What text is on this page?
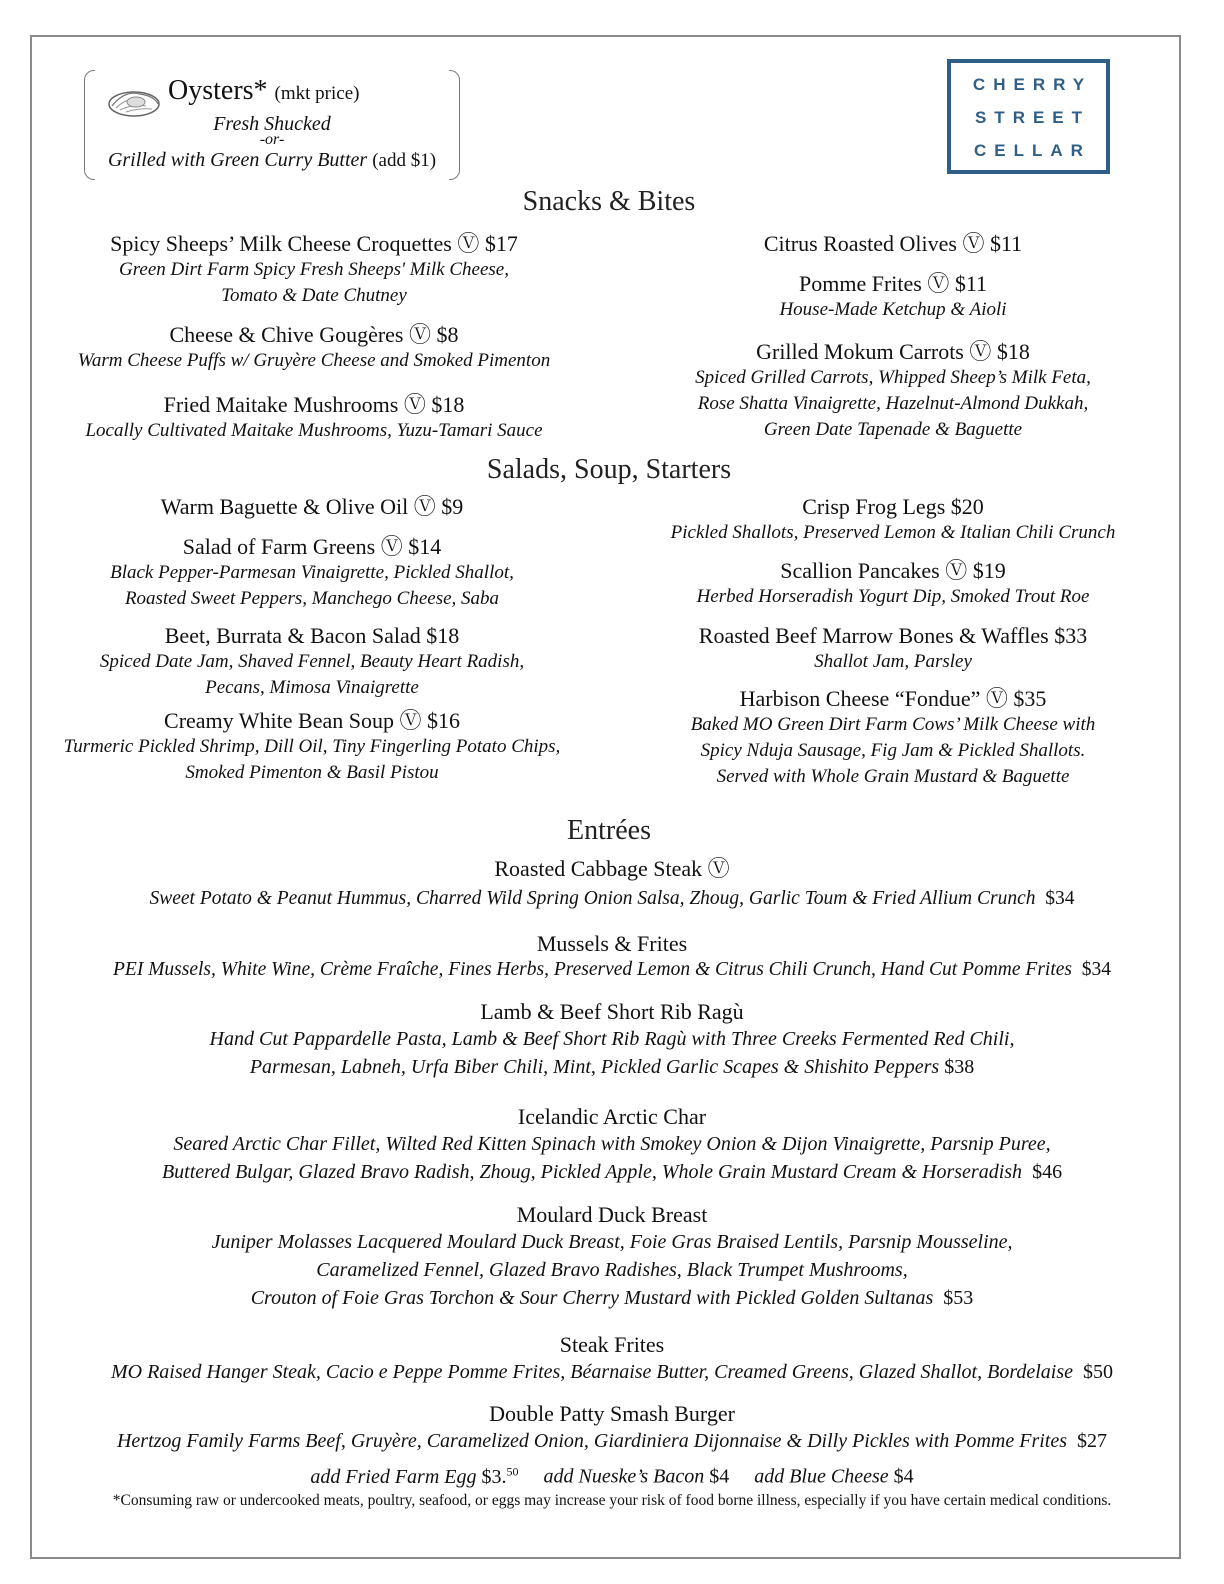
Oysters* (mkt price)
Fresh Shucked
-or-
Grilled with Green Curry Butter (add $1)
CHERRY
STREET
CELLAR
Snacks & Bites
Spicy Sheeps’ Milk Cheese Croquettes Ⓥ $17
Green Dirt Farm Spicy Fresh Sheeps' Milk Cheese,
Tomato & Date Chutney
Cheese & Chive Gougères Ⓥ $8
Warm Cheese Puffs w/ Gruyère Cheese and Smoked Pimenton
Fried Maitake Mushrooms Ⓥ $18
Locally Cultivated Maitake Mushrooms, Yuzu-Tamari Sauce
Citrus Roasted Olives Ⓥ $11
Pomme Frites Ⓥ $11
House-Made Ketchup & Aioli
Grilled Mokum Carrots Ⓥ $18
Spiced Grilled Carrots, Whipped Sheep’s Milk Feta,
Rose Shatta Vinaigrette, Hazelnut-Almond Dukkah,
Green Date Tapenade & Baguette
Salads, Soup, Starters
Warm Baguette & Olive Oil Ⓥ $9
Salad of Farm Greens Ⓥ $14
Black Pepper-Parmesan Vinaigrette, Pickled Shallot,
Roasted Sweet Peppers, Manchego Cheese, Saba
Beet, Burrata & Bacon Salad $18
Spiced Date Jam, Shaved Fennel, Beauty Heart Radish,
Pecans, Mimosa Vinaigrette
Creamy White Bean Soup Ⓥ $16
Turmeric Pickled Shrimp, Dill Oil, Tiny Fingerling Potato Chips,
Smoked Pimenton & Basil Pistou
Crisp Frog Legs $20
Pickled Shallots, Preserved Lemon & Italian Chili Crunch
Scallion Pancakes Ⓥ $19
Herbed Horseradish Yogurt Dip, Smoked Trout Roe
Roasted Beef Marrow Bones & Waffles $33
Shallot Jam, Parsley
Harbison Cheese “Fondue” Ⓥ $35
Baked MO Green Dirt Farm Cows’ Milk Cheese with
Spicy Nduja Sausage, Fig Jam & Pickled Shallots.
Served with Whole Grain Mustard & Baguette
Entrées
Roasted Cabbage Steak Ⓥ
Sweet Potato & Peanut Hummus, Charred Wild Spring Onion Salsa, Zhoug, Garlic Toum & Fried Allium Crunch $34
Mussels & Frites
PEI Mussels, White Wine, Crème Fraîche, Fines Herbs, Preserved Lemon & Citrus Chili Crunch, Hand Cut Pomme Frites $34
Lamb & Beef Short Rib Ragù
Hand Cut Pappardelle Pasta, Lamb & Beef Short Rib Ragù with Three Creeks Fermented Red Chili,
Parmesan, Labneh, Urfa Biber Chili, Mint, Pickled Garlic Scapes & Shishito Peppers $38
Icelandic Arctic Char
Seared Arctic Char Fillet, Wilted Red Kitten Spinach with Smokey Onion & Dijon Vinaigrette, Parsnip Puree,
Buttered Bulgar, Glazed Bravo Radish, Zhoug, Pickled Apple, Whole Grain Mustard Cream & Horseradish $46
Moulard Duck Breast
Juniper Molasses Lacquered Moulard Duck Breast, Foie Gras Braised Lentils, Parsnip Mousseline,
Caramelized Fennel, Glazed Bravo Radishes, Black Trumpet Mushrooms,
Crouton of Foie Gras Torchon & Sour Cherry Mustard with Pickled Golden Sultanas $53
Steak Frites
MO Raised Hanger Steak, Cacio e Peppe Pomme Frites, Béarnaise Butter, Creamed Greens, Glazed Shallot, Bordelaise $50
Double Patty Smash Burger
Hertzog Family Farms Beef, Gruyère, Caramelized Onion, Giardiniera Dijonnaise & Dilly Pickles with Pomme Frites $27
add Fried Farm Egg $3.50 add Nueske’s Bacon $4 add Blue Cheese $4
*Consuming raw or undercooked meats, poultry, seafood, or eggs may increase your risk of food borne illness, especially if you have certain medical conditions.
